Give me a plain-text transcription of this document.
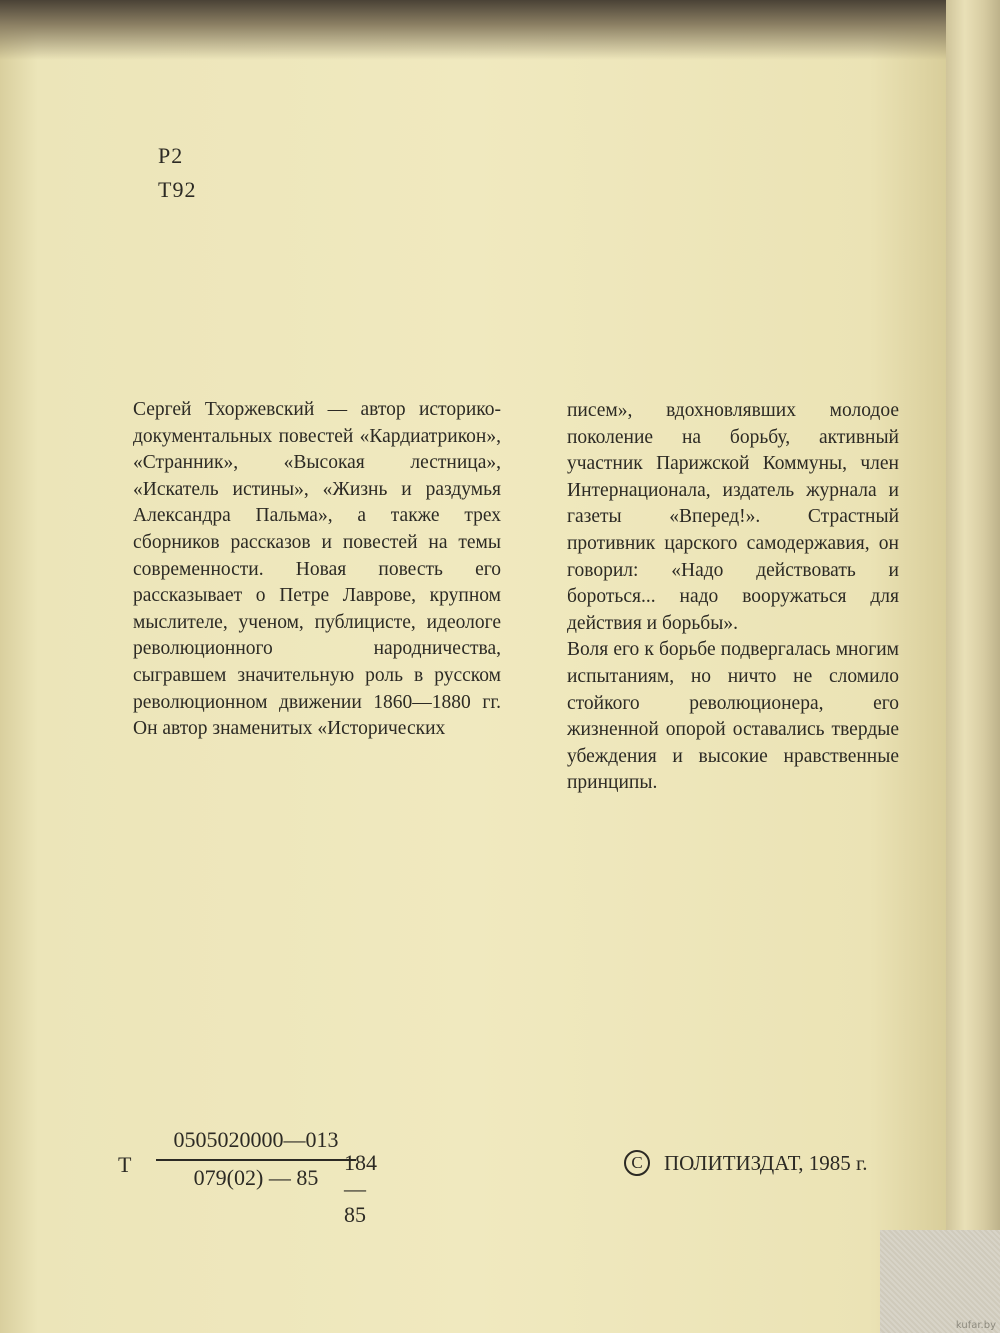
Р2
Т92

Сергей Тхоржевский — автор историко-документальных повестей «Кардиатрикон», «Странник», «Высокая лестница», «Искатель истины», «Жизнь и раздумья Александра Пальма», а также трех сборников рассказов и повестей на темы современности. Новая повесть его рассказывает о Петре Лаврове, крупном мыслителе, ученом, публицисте, идеологе революционного народничества, сыгравшем значительную роль в русском революционном движении 1860—1880 гг. Он автор знаменитых «Исторических

писем», вдохновлявших молодое поколение на борьбу, активный участник Парижской Коммуны, член Интернационала, издатель журнала и газеты «Вперед!». Страстный противник царского самодержавия, он говорил: «Надо действовать и бороться... надо вооружаться для действия и борьбы».

Воля его к борьбе подвергалась многим испытаниям, но ничто не сломило стойкого революционера, его жизненной опорой оставались твердые убеждения и высокие нравственные принципы.

Т
0505020000—013
079(02) — 85
184—85
C	ПОЛИТИЗДАТ, 1985 г.
kufar.by
